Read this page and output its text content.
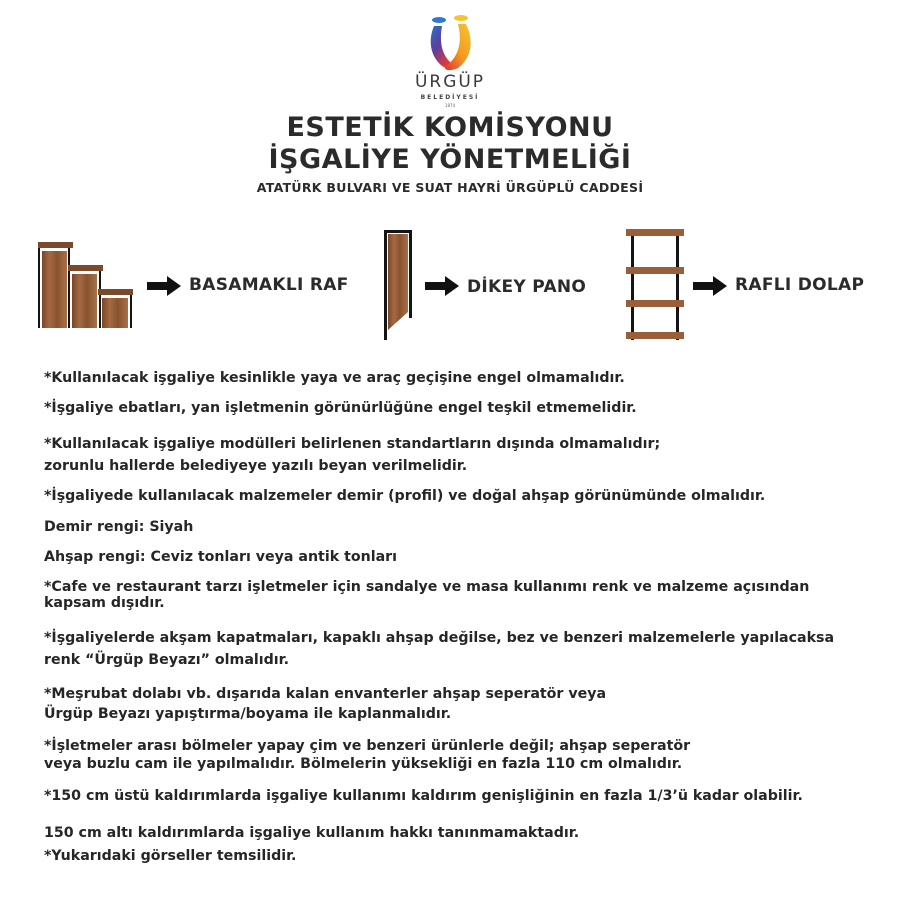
ÜRGÜP
BELEDİYESİ
1874
ESTETİK KOMİSYONU
İŞGALİYE YÖNETMELİĞİ
ATATÜRK BULVARI VE SUAT HAYRİ ÜRGÜPLÜ CADDESİ
BASAMAKLI RAF	DİKEY PANO	RAFLI DOLAP
*Kullanılacak işgaliye kesinlikle yaya ve araç geçişine engel olmamalıdır.
*İşgaliye ebatları, yan işletmenin görünürlüğüne engel teşkil etmemelidir.
*Kullanılacak işgaliye modülleri belirlenen standartların dışında olmamalıdır;
zorunlu hallerde belediyeye yazılı beyan verilmelidir.
*İşgaliyede kullanılacak malzemeler demir (profil) ve doğal ahşap görünümünde olmalıdır.
Demir rengi: Siyah
Ahşap rengi: Ceviz tonları veya antik tonları
*Cafe ve restaurant tarzı işletmeler için sandalye ve masa kullanımı renk ve malzeme açısından
kapsam dışıdır.
*İşgaliyelerde akşam kapatmaları, kapaklı ahşap değilse, bez ve benzeri malzemelerle yapılacaksa
renk “Ürgüp Beyazı” olmalıdır.
*Meşrubat dolabı vb. dışarıda kalan envanterler ahşap seperatör veya
Ürgüp Beyazı yapıştırma/boyama ile kaplanmalıdır.
*İşletmeler arası bölmeler yapay çim ve benzeri ürünlerle değil; ahşap seperatör
veya buzlu cam ile yapılmalıdır. Bölmelerin yüksekliği en fazla 110 cm olmalıdır.
*150 cm üstü kaldırımlarda işgaliye kullanımı kaldırım genişliğinin en fazla 1/3’ü kadar olabilir.
150 cm altı kaldırımlarda işgaliye kullanım hakkı tanınmamaktadır.
*Yukarıdaki görseller temsilidir.
